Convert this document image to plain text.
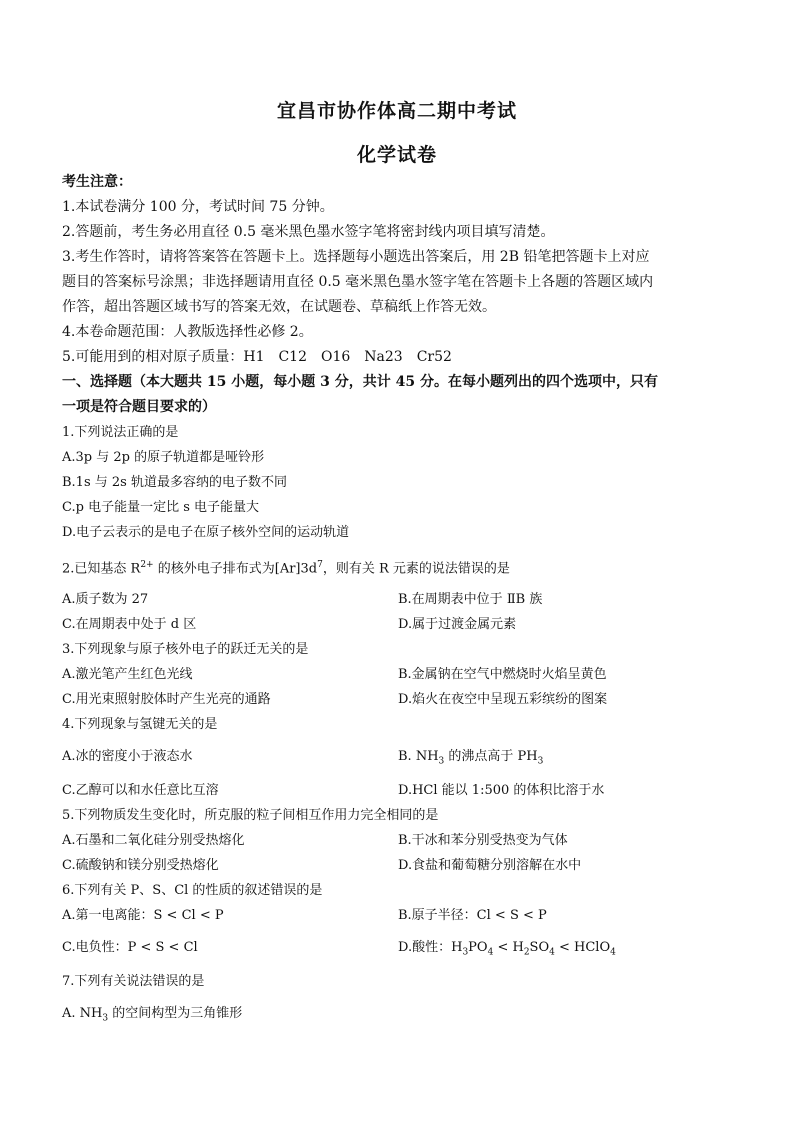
宜昌市协作体高二期中考试
化学试卷
考生注意：
1.本试卷满分 100 分，考试时间 75 分钟。
2.答题前，考生务必用直径 0.5 毫米黑色墨水签字笔将密封线内项目填写清楚。
3.考生作答时，请将答案答在答题卡上。选择题每小题选出答案后，用 2B 铅笔把答题卡上对应
题目的答案标号涂黑；非选择题请用直径 0.5 毫米黑色墨水签字笔在答题卡上各题的答题区域内
作答，超出答题区域书写的答案无效，在试题卷、草稿纸上作答无效。
4.本卷命题范围：人教版选择性必修 2。
5.可能用到的相对原子质量：H1　C12　O16　Na23　Cr52
一、选择题（本大题共 15 小题，每小题 3 分，共计 45 分。在每小题列出的四个选项中，只有
一项是符合题目要求的）
1.下列说法正确的是
A.3p 与 2p 的原子轨道都是哑铃形
B.1s 与 2s 轨道最多容纳的电子数不同
C.p 电子能量一定比 s 电子能量大
D.电子云表示的是电子在原子核外空间的运动轨道
2.已知基态 $R^{2+}$ 的核外电子排布式为$[Ar]3d^7$，则有关 R 元素的说法错误的是
A.质子数为 27	B.在周期表中位于 ⅡB 族
C.在周期表中处于 d 区	D.属于过渡金属元素
3.下列现象与原子核外电子的跃迁无关的是
A.激光笔产生红色光线	B.金属钠在空气中燃烧时火焰呈黄色
C.用光束照射胶体时产生光亮的通路	D.焰火在夜空中呈现五彩缤纷的图案
4.下列现象与氢键无关的是
A.冰的密度小于液态水	B. $NH_3$ 的沸点高于 $PH_3$
C.乙醇可以和水任意比互溶	D.HCl 能以 1:500 的体积比溶于水
5.下列物质发生变化时，所克服的粒子间相互作用力完全相同的是
A.石墨和二氧化硅分别受热熔化	B.干冰和苯分别受热变为气体
C.硫酸钠和镁分别受热熔化	D.食盐和葡萄糖分别溶解在水中
6.下列有关 P、S、Cl 的性质的叙述错误的是
A.第一电离能：S < Cl < P	B.原子半径：Cl < S < P
C.电负性：P < S < Cl	D.酸性：$H_3PO_4 < H_2SO_4$ < HClO$_4$
7.下列有关说法错误的是
A. $NH_3$ 的空间构型为三角锥形
